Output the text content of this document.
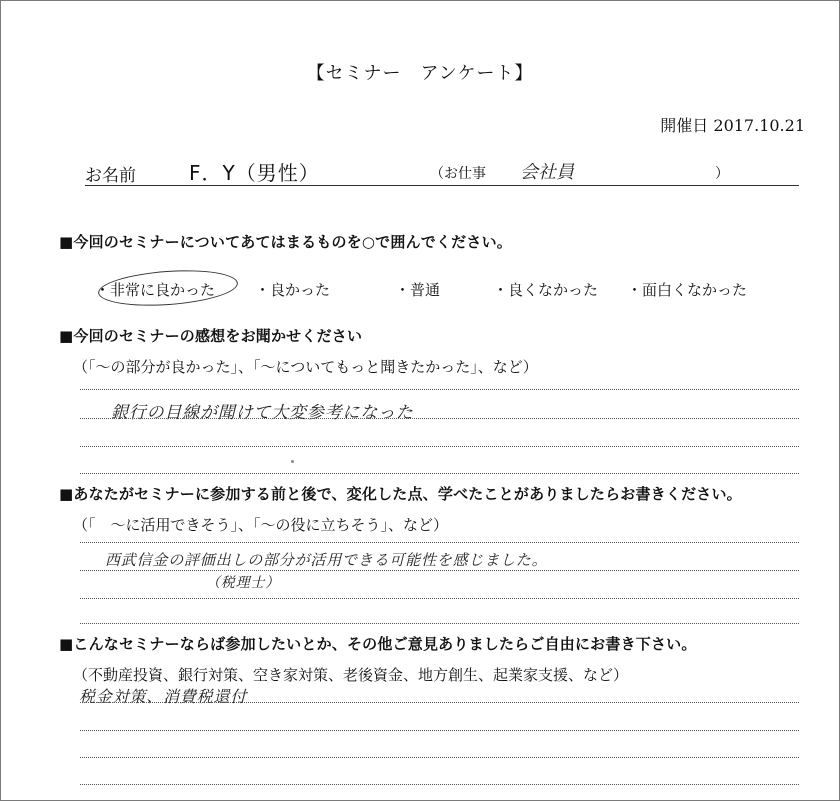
【セミナー　アンケート】
開催日 2017.10.21
お名前	F．Y（男性）	（お仕事 会社員	）
■今回のセミナーについてあてはまるものを○で囲んでください。
・非常に良かった	・良かった	・普通	・良くなかった ・面白くなかった
■今回のセミナーの感想をお聞かせください
（「～の部分が良かった」、「～についてもっと聞きたかった」、など）
銀行の目線が聞けて大変参考になった
■あなたがセミナーに参加する前と後で、変化した点、学べたことがありましたらお書きください。
（「　～に活用できそう」、「～の役に立ちそう」、など）
西武信金の評価出しの部分が活用できる可能性を感じました。
（税理士）
■こんなセミナーならば参加したいとか、その他ご意見ありましたらご自由にお書き下さい。
（不動産投資、銀行対策、空き家対策、老後資金、地方創生、起業家支援、など）
税金対策、消費税還付
